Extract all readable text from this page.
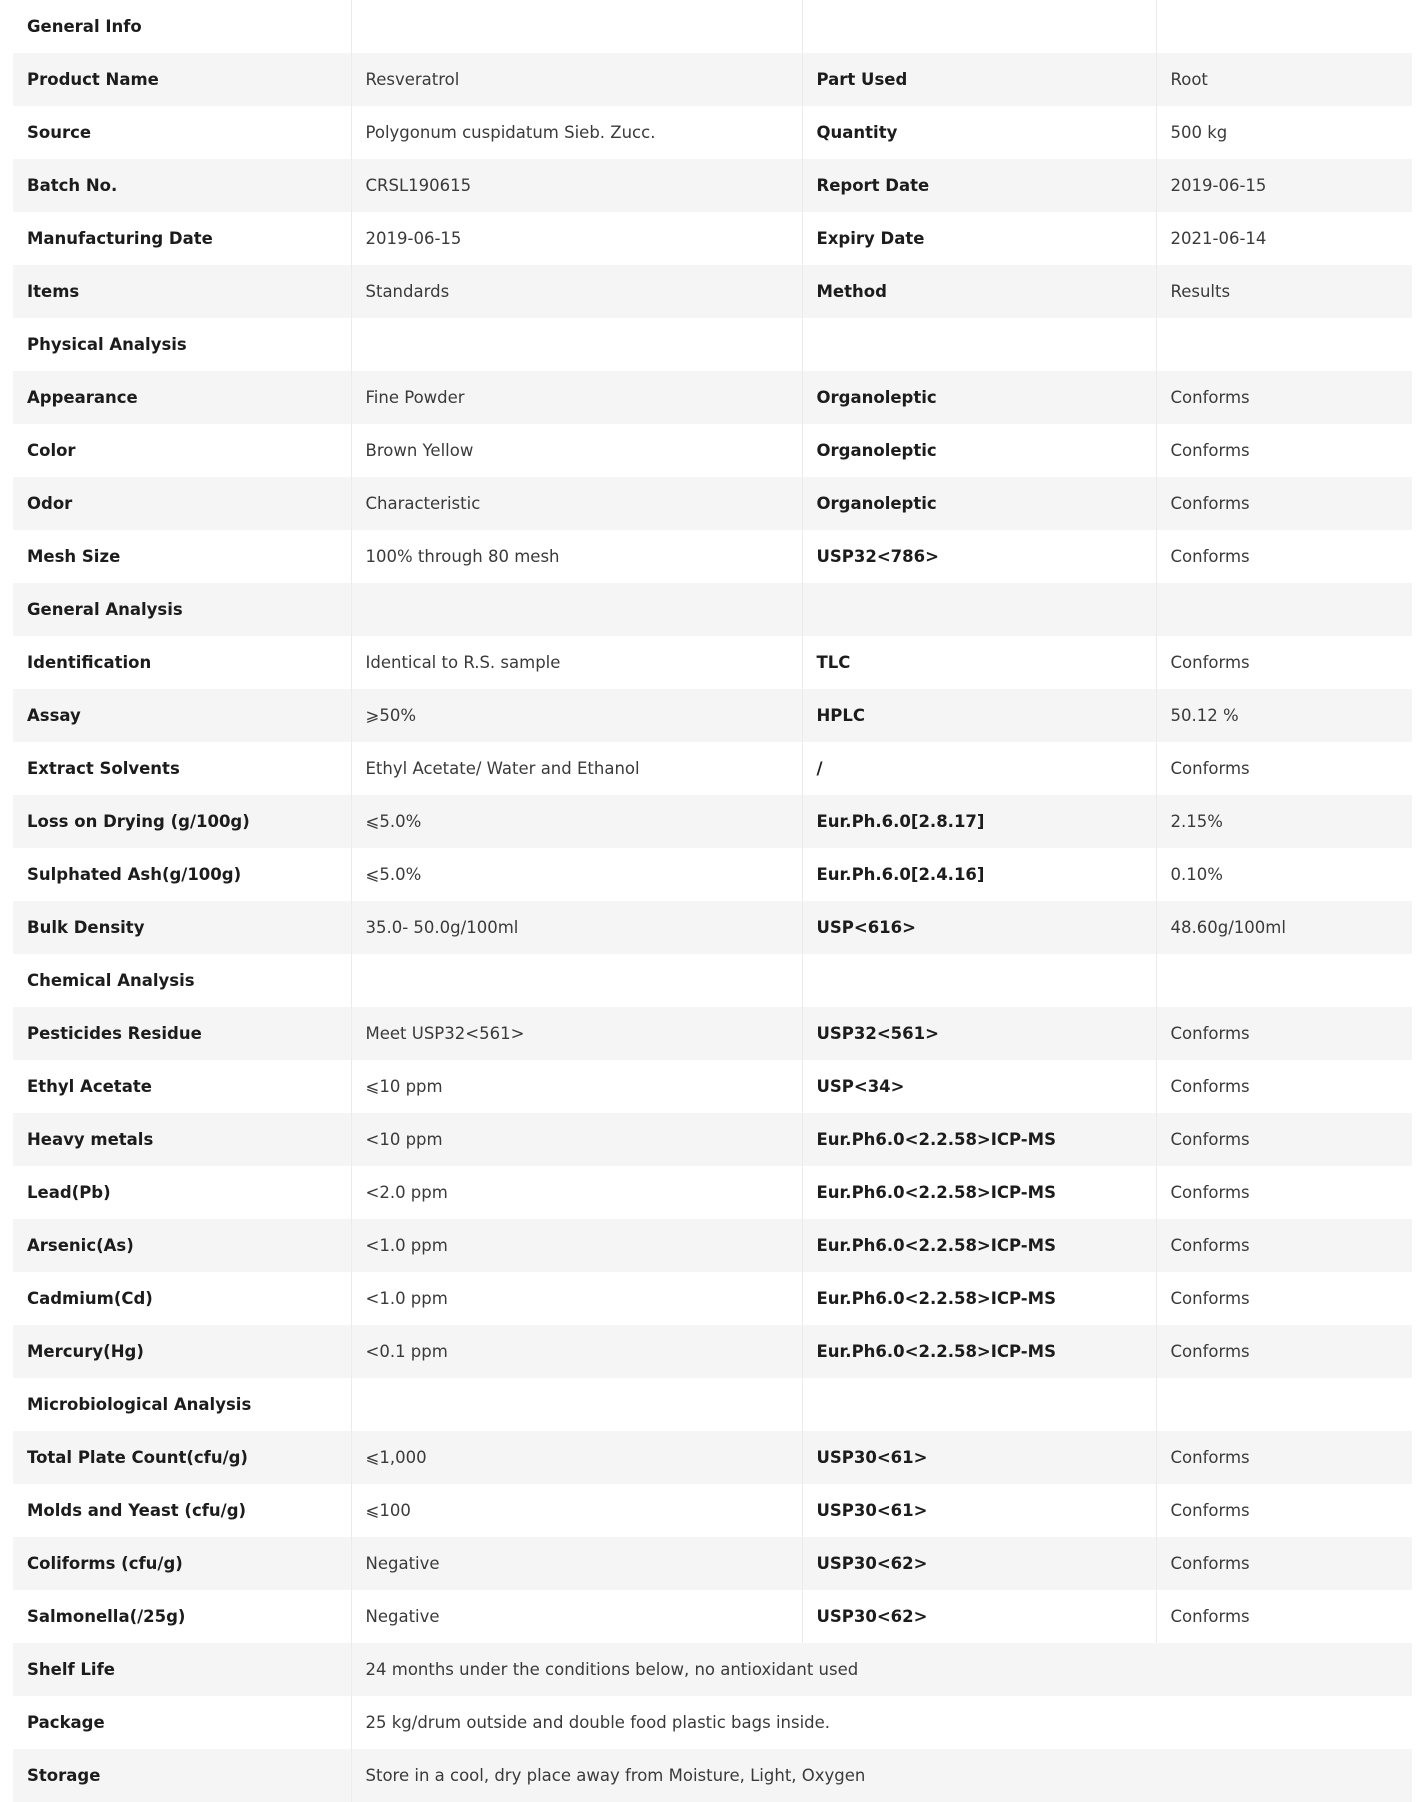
General Info			
Product Name	Resveratrol	Part Used	Root
Source	Polygonum cuspidatum Sieb. Zucc.	Quantity	500 kg
Batch No.	CRSL190615	Report Date	2019-06-15
Manufacturing Date	2019-06-15	Expiry Date	2021-06-14
Items	Standards	Method	Results
Physical Analysis			
Appearance	Fine Powder	Organoleptic	Conforms
Color	Brown Yellow	Organoleptic	Conforms
Odor	Characteristic	Organoleptic	Conforms
Mesh Size	100% through 80 mesh	USP32<786>	Conforms
General Analysis			
Identification	Identical to R.S. sample	TLC	Conforms
Assay	⩾50%	HPLC	50.12 %
Extract Solvents	Ethyl Acetate/ Water and Ethanol	/	Conforms
Loss on Drying (g/100g)	⩽5.0%	Eur.Ph.6.0[2.8.17]	2.15%
Sulphated Ash(g/100g)	⩽5.0%	Eur.Ph.6.0[2.4.16]	0.10%
Bulk Density	35.0- 50.0g/100ml	USP<616>	48.60g/100ml
Chemical Analysis			
Pesticides Residue	Meet USP32<561>	USP32<561>	Conforms
Ethyl Acetate	⩽10 ppm	USP<34>	Conforms
Heavy metals	<10 ppm	Eur.Ph6.0<2.2.58>ICP-MS	Conforms
Lead(Pb)	<2.0 ppm	Eur.Ph6.0<2.2.58>ICP-MS	Conforms
Arsenic(As)	<1.0 ppm	Eur.Ph6.0<2.2.58>ICP-MS	Conforms
Cadmium(Cd)	<1.0 ppm	Eur.Ph6.0<2.2.58>ICP-MS	Conforms
Mercury(Hg)	<0.1 ppm	Eur.Ph6.0<2.2.58>ICP-MS	Conforms
Microbiological Analysis			
Total Plate Count(cfu/g)	⩽1,000	USP30<61>	Conforms
Molds and Yeast (cfu/g)	⩽100	USP30<61>	Conforms
Coliforms (cfu/g)	Negative	USP30<62>	Conforms
Salmonella(/25g)	Negative	USP30<62>	Conforms
Shelf Life	24 months under the conditions below, no antioxidant used		
Package	25 kg/drum outside and double food plastic bags inside.		
Storage	Store in a cool, dry place away from Moisture, Light, Oxygen		
